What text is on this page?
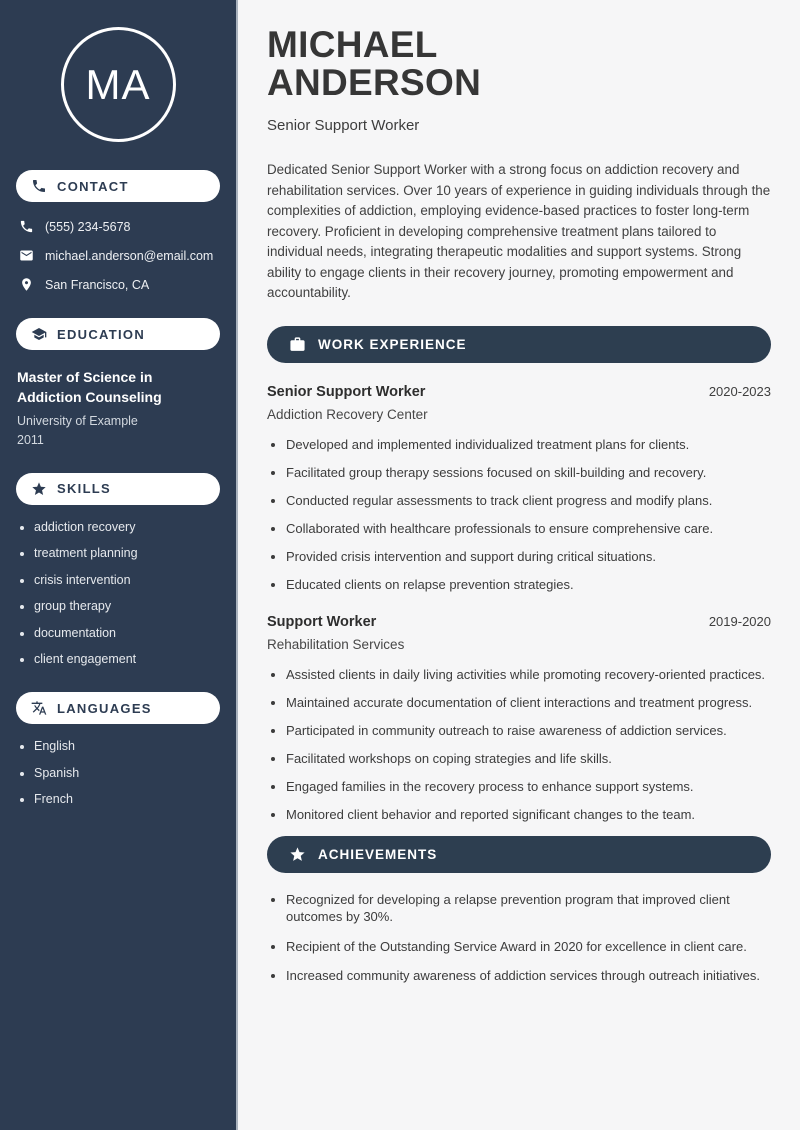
MA
CONTACT
(555) 234-5678
michael.anderson@email.com
San Francisco, CA
EDUCATION
Master of Science in Addiction Counseling
University of Example
2011
SKILLS
• addiction recovery
• treatment planning
• crisis intervention
• group therapy
• documentation
• client engagement
LANGUAGES
• English
• Spanish
• French
MICHAEL
ANDERSON
Senior Support Worker

Dedicated Senior Support Worker with a strong focus on addiction recovery and rehabilitation services. Over 10 years of experience in guiding individuals through the complexities of addiction, employing evidence-based practices to foster long-term recovery. Proficient in developing comprehensive treatment plans tailored to individual needs, integrating therapeutic modalities and support systems. Strong ability to engage clients in their recovery journey, promoting empowerment and accountability.

WORK EXPERIENCE
Senior Support Worker	2020-2023
Addiction Recovery Center
• Developed and implemented individualized treatment plans for clients.
• Facilitated group therapy sessions focused on skill-building and recovery.
• Conducted regular assessments to track client progress and modify plans.
• Collaborated with healthcare professionals to ensure comprehensive care.
• Provided crisis intervention and support during critical situations.
• Educated clients on relapse prevention strategies.
Support Worker	2019-2020
Rehabilitation Services
• Assisted clients in daily living activities while promoting recovery-oriented practices.
• Maintained accurate documentation of client interactions and treatment progress.
• Participated in community outreach to raise awareness of addiction services.
• Facilitated workshops on coping strategies and life skills.
• Engaged families in the recovery process to enhance support systems.
• Monitored client behavior and reported significant changes to the team.
ACHIEVEMENTS
• Recognized for developing a relapse prevention program that improved client outcomes by 30%.
• Recipient of the Outstanding Service Award in 2020 for excellence in client care.
• Increased community awareness of addiction services through outreach initiatives.
